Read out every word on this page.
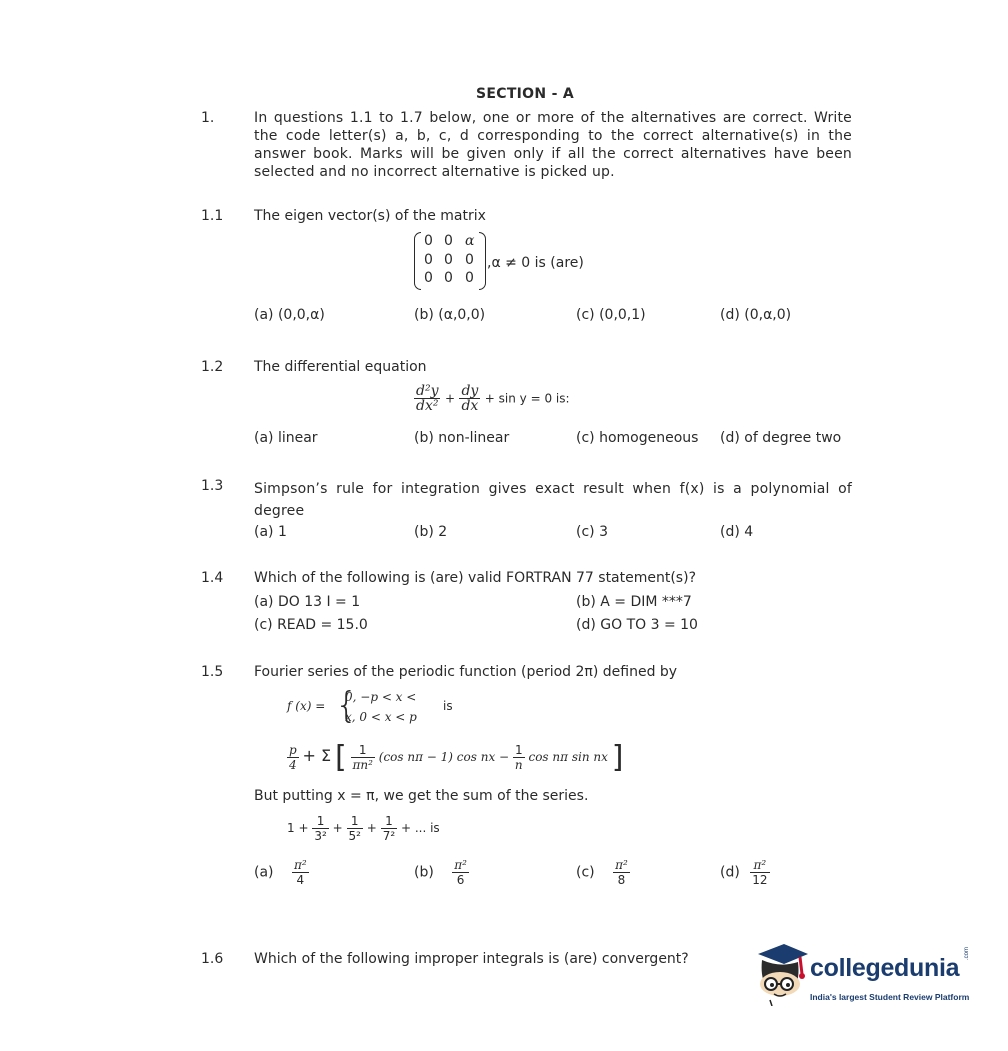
SECTION - A
1.	In questions 1.1 to 1.7 below, one or more of the alternatives are correct. Write the code letter(s) a, b, c, d corresponding to the correct alternative(s) in the answer book. Marks will be given only if all the correct alternatives have been selected and no incorrect alternative is picked up.
1.1 The eigen vector(s) of the matrix
0 0 α
0 0 0
0 0 0
,α ≠ 0 is (are)
(a) (0,0,α)	(b) (α,0,0)	(c) (0,0,1)	(d) (0,α,0)
1.2 The differential equation
$\frac{\text{d²y}}{\text{dx²}} + \frac{dy}{dx} + \sin y = 0$ is:
(a) linear	(b) non-linear	(c) homogeneous (d) of degree two
1.3 Simpson’s rule for integration gives exact result when f(x) is a polynomial of degree
(a) 1	(b) 2	(c) 3	(d) 4
1.4 Which of the following is (are) valid FORTRAN 77 statement(s)?
(a) DO 13 I = 1	(b) A = DIM ***7
(c) READ = 15.0	(d) GO TO 3 = 10
1.5 Fourier series of the periodic function (period 2π) defined by
f (x) = {
0, −p < x <
x, 0 < x < p
is
$\frac{p}{4} + \Sigma$ [ $\frac{1}{\text{πn²}} (\cos$ nπ − 1) cos nx − $\frac{1}{n}$ cos nπ sin nx ]
But putting x = π, we get the sum of the series.
$1 + \frac{1}{\text{3²}} + \frac{1}{\text{5²}} + \frac{1}{\text{7²}}$ + ... is
$(a) \frac{\text{π²}}{4}$	$(b) \frac{\text{π²}}{6}$	$(c) \frac{\text{π²}}{8}$	$(d) \frac{\text{π²}}{12}$
1.6 Which of the following improper integrals is (are) convergent?	collegedunia
.com
India's largest Student Review Platform
